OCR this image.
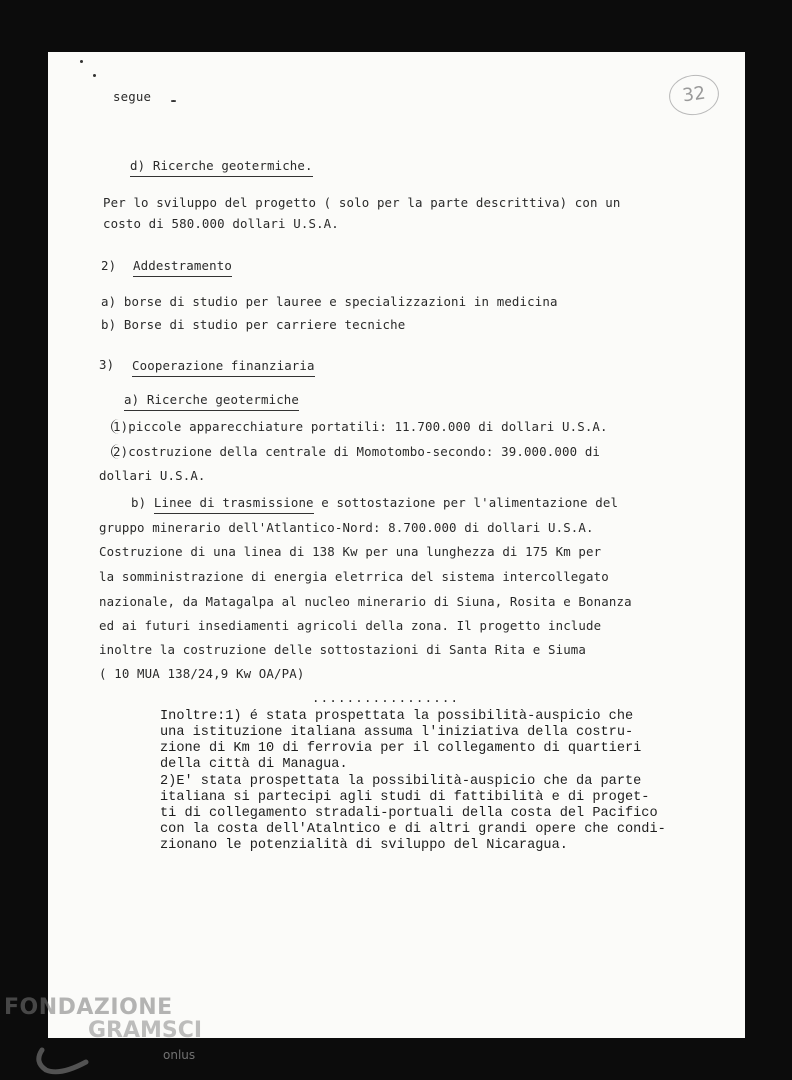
segue	32
d) Ricerche geotermiche.
Per lo sviluppo del progetto ( solo per la parte descrittiva) con un
costo di 580.000 dollari U.S.A.
2) Addestramento
a) borse di studio per lauree e specializzazioni in medicina
b) Borse di studio per carriere tecniche
3) Cooperazione finanziaria
a) Ricerche geotermiche
1)piccole apparecchiature portatili: 11.700.000 di dollari U.S.A.
2)costruzione della centrale di Momotombo-secondo: 39.000.000 di
dollari U.S.A.
b) Linee di trasmissione e sottostazione per l'alimentazione del
gruppo minerario dell'Atlantico-Nord: 8.700.000 di dollari U.S.A.
Costruzione di una linea di 138 Kw per una lunghezza di 175 Km per
la somministrazione di energia eletrrica del sistema intercollegato
nazionale, da Matagalpa al nucleo minerario di Siuna, Rosita e Bonanza
ed ai futuri insediamenti agricoli della zona. Il progetto include
inoltre la costruzione delle sottostazioni di Santa Rita e Siuma
( 10 MUA 138/24,9 Kw OA/PA)
.................
Inoltre:1) é stata prospettata la possibilità-auspicio che
una istituzione italiana assuma l'iniziativa della costru-
zione di Km 10 di ferrovia per il collegamento di quartieri
della città di Managua.
2)E' stata prospettata la possibilità-auspicio che da parte
italiana si partecipi agli studi di fattibilità e di proget-
ti di collegamento stradali-portuali della costa del Pacifico
con la costa dell'Atalntico e di altri grandi opere che condi-
zionano le potenzialità di sviluppo del Nicaragua.
FONDAZIONE
GRAMSCI
onlus
